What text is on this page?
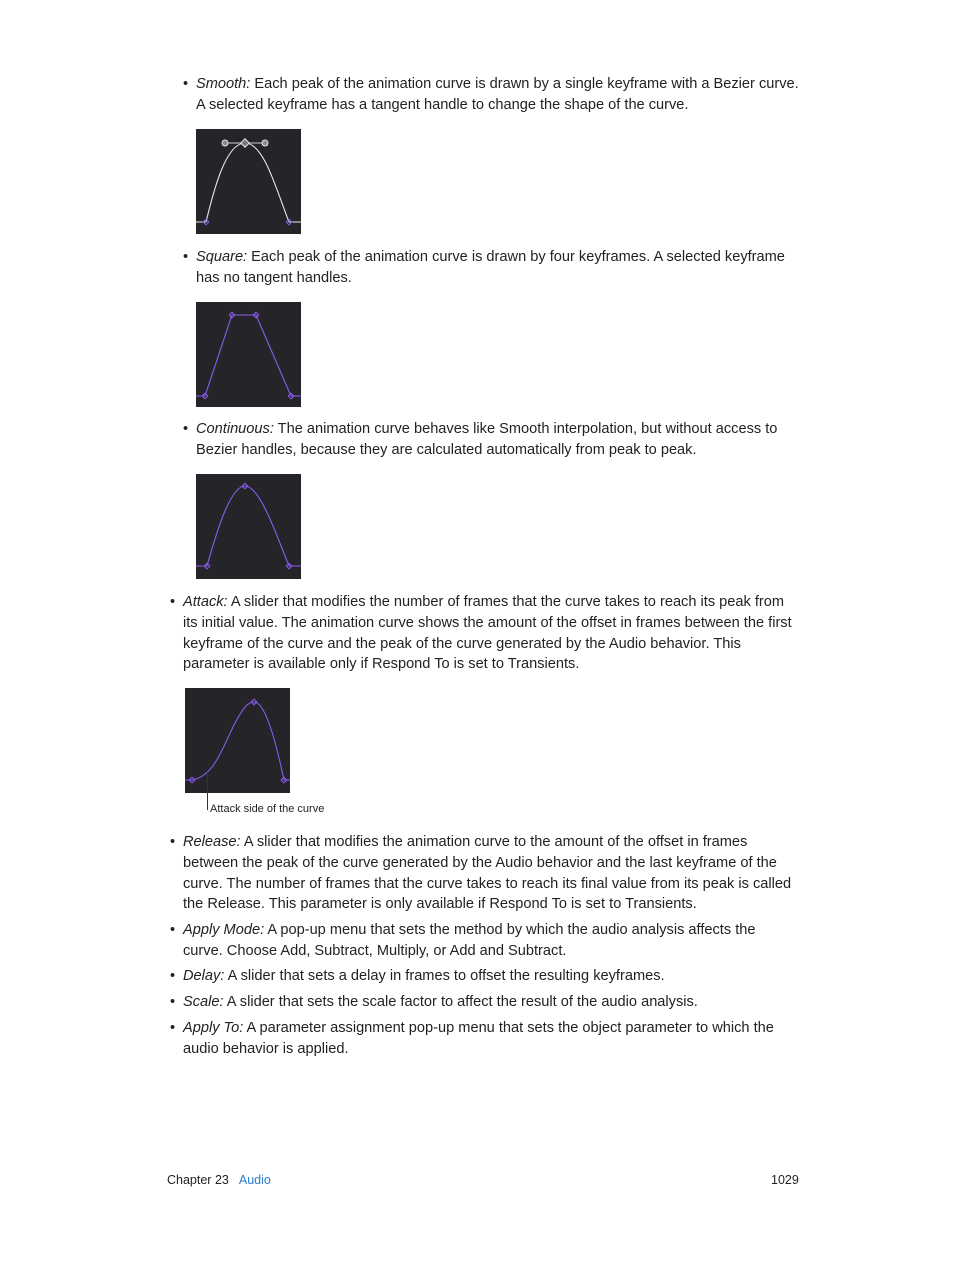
• Smooth: Each peak of the animation curve is drawn by a single keyframe with a Bezier curve. A selected keyframe has a tangent handle to change the shape of the curve.
• Square: Each peak of the animation curve is drawn by four keyframes. A selected keyframe has no tangent handles.
• Continuous: The animation curve behaves like Smooth interpolation, but without access to Bezier handles, because they are calculated automatically from peak to peak.
• Attack: A slider that modifies the number of frames that the curve takes to reach its peak from its initial value. The animation curve shows the amount of the offset in frames between the first keyframe of the curve and the peak of the curve generated by the Audio behavior. This parameter is available only if Respond To is set to Transients.
Attack side of the curve
• Release: A slider that modifies the animation curve to the amount of the offset in frames between the peak of the curve generated by the Audio behavior and the last keyframe of the curve. The number of frames that the curve takes to reach its final value from its peak is called the Release. This parameter is only available if Respond To is set to Transients.
• Apply Mode: A pop-up menu that sets the method by which the audio analysis affects the curve. Choose Add, Subtract, Multiply, or Add and Subtract.
• Delay: A slider that sets a delay in frames to offset the resulting keyframes.
• Scale: A slider that sets the scale factor to affect the result of the audio analysis.
• Apply To: A parameter assignment pop-up menu that sets the object parameter to which the audio behavior is applied.
Chapter 23 Audio	1029
